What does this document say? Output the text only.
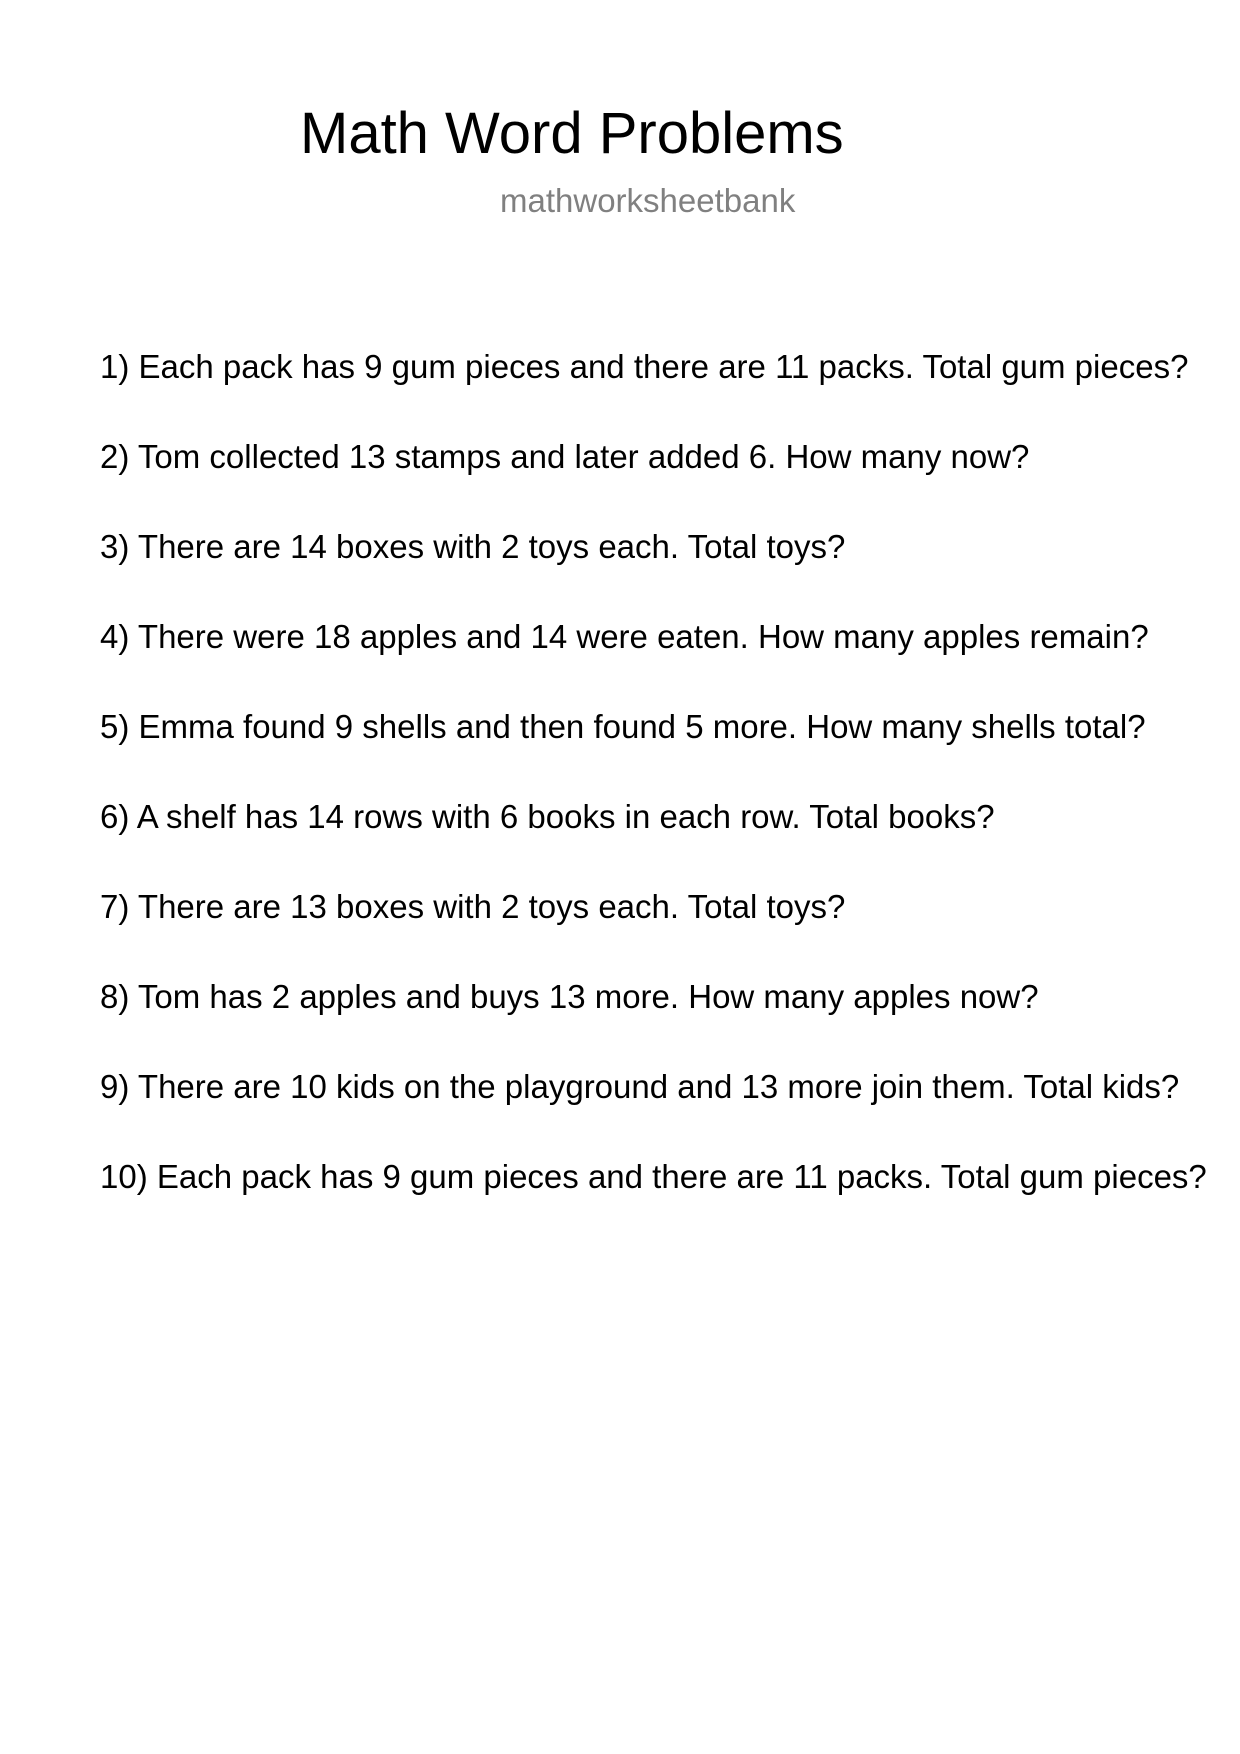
Math Word Problems
mathworksheetbank
1) Each pack has 9 gum pieces and there are 11 packs. Total gum pieces?
2) Tom collected 13 stamps and later added 6. How many now?
3) There are 14 boxes with 2 toys each. Total toys?
4) There were 18 apples and 14 were eaten. How many apples remain?
5) Emma found 9 shells and then found 5 more. How many shells total?
6) A shelf has 14 rows with 6 books in each row. Total books?
7) There are 13 boxes with 2 toys each. Total toys?
8) Tom has 2 apples and buys 13 more. How many apples now?
9) There are 10 kids on the playground and 13 more join them. Total kids?
10) Each pack has 9 gum pieces and there are 11 packs. Total gum pieces?
